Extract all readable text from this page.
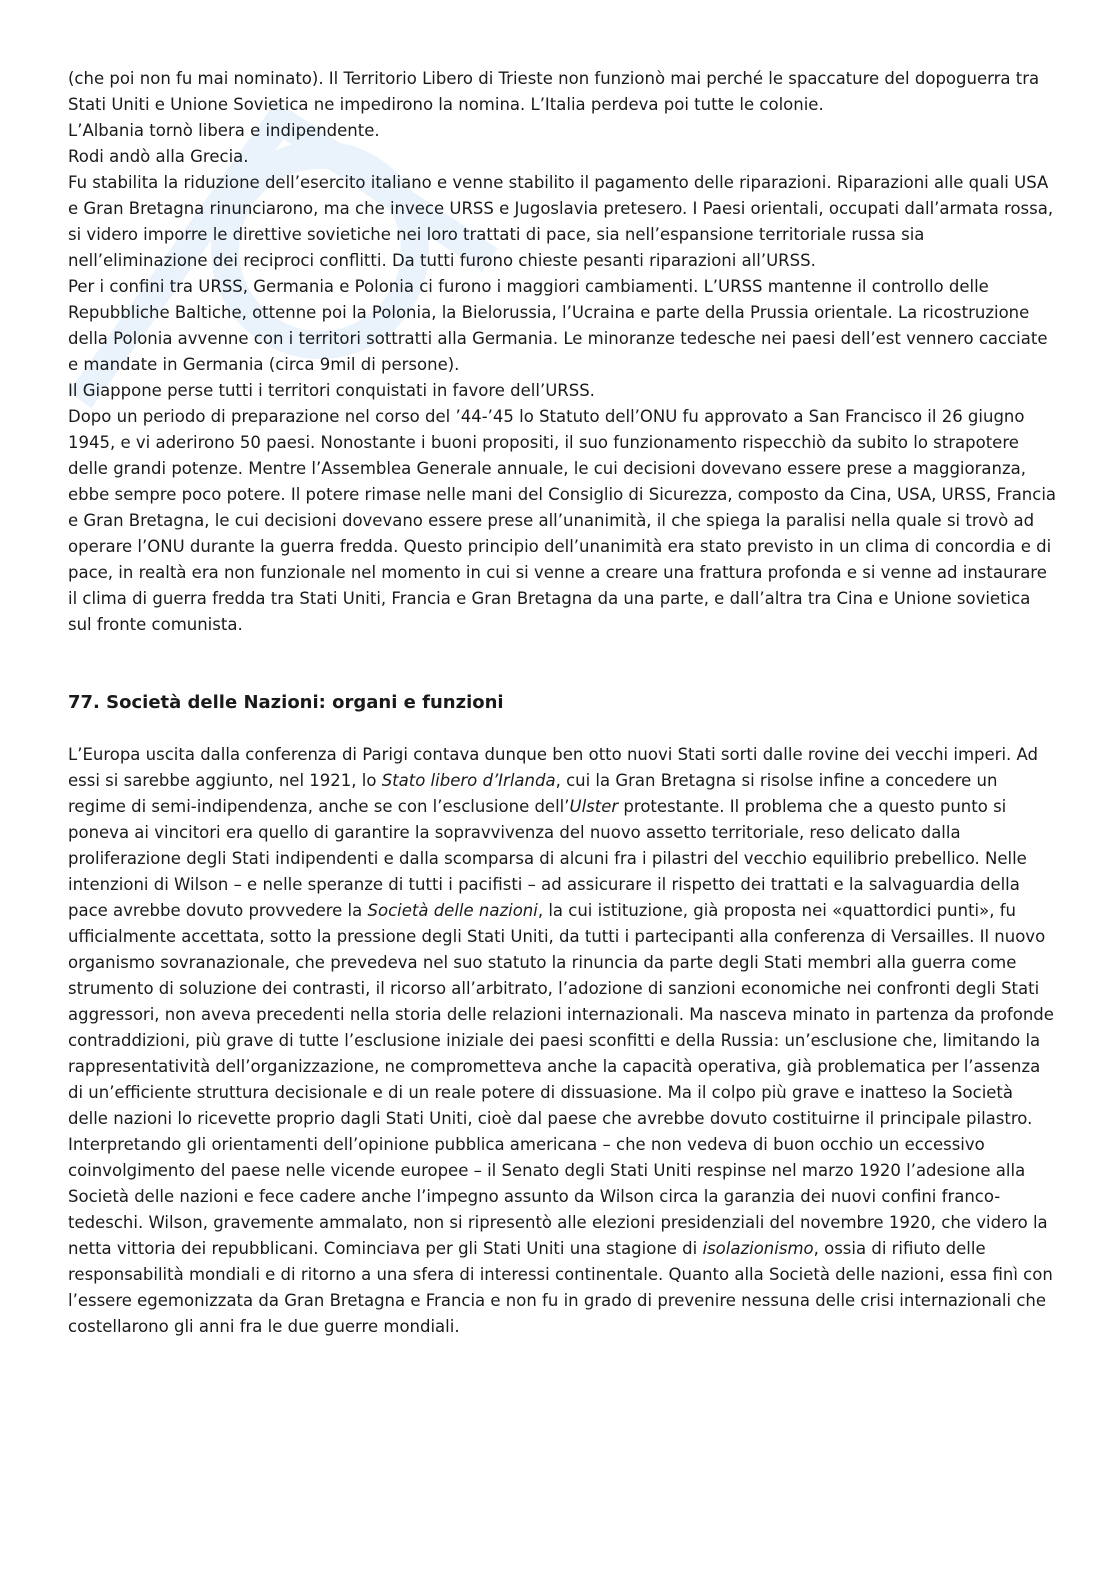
(che poi non fu mai nominato). Il Territorio Libero di Trieste non funzionò mai perché le spaccature del dopoguerra tra Stati Uniti e Unione Sovietica ne impedirono la nomina. L’Italia perdeva poi tutte le colonie.

L’Albania tornò libera e indipendente.

Rodi andò alla Grecia.

Fu stabilita la riduzione dell’esercito italiano e venne stabilito il pagamento delle riparazioni. Riparazioni alle quali USA e Gran Bretagna rinunciarono, ma che invece URSS e Jugoslavia pretesero. I Paesi orientali, occupati dall’armata rossa, si videro imporre le direttive sovietiche nei loro trattati di pace, sia nell’espansione territoriale russa sia nell’eliminazione dei reciproci conflitti. Da tutti furono chieste pesanti riparazioni all’URSS.

Per i confini tra URSS, Germania e Polonia ci furono i maggiori cambiamenti. L’URSS mantenne il controllo delle Repubbliche Baltiche, ottenne poi la Polonia, la Bielorussia, l’Ucraina e parte della Prussia orientale. La ricostruzione della Polonia avvenne con i territori sottratti alla Germania. Le minoranze tedesche nei paesi dell’est vennero cacciate e mandate in Germania (circa 9mil di persone).

Il Giappone perse tutti i territori conquistati in favore dell’URSS.

Dopo un periodo di preparazione nel corso del ’44-’45 lo Statuto dell’ONU fu approvato a San Francisco il 26 giugno 1945, e vi aderirono 50 paesi. Nonostante i buoni propositi, il suo funzionamento rispecchiò da subito lo strapotere delle grandi potenze. Mentre l’Assemblea Generale annuale, le cui decisioni dovevano essere prese a maggioranza, ebbe sempre poco potere. Il potere rimase nelle mani del Consiglio di Sicurezza, composto da Cina, USA, URSS, Francia e Gran Bretagna, le cui decisioni dovevano essere prese all’unanimità, il che spiega la paralisi nella quale si trovò ad operare l’ONU durante la guerra fredda. Questo principio dell’unanimità era stato previsto in un clima di concordia e di pace, in realtà era non funzionale nel momento in cui si venne a creare una frattura profonda e si venne ad instaurare il clima di guerra fredda tra Stati Uniti, Francia e Gran Bretagna da una parte, e dall’altra tra Cina e Unione sovietica sul fronte comunista.

77. Società delle Nazioni: organi e funzioni

L’Europa uscita dalla conferenza di Parigi contava dunque ben otto nuovi Stati sorti dalle rovine dei vecchi imperi. Ad essi si sarebbe aggiunto, nel 1921, lo Stato libero d’Irlanda, cui la Gran Bretagna si risolse infine a concedere un regime di semi-indipendenza, anche se con l’esclusione dell’Ulster protestante. Il problema che a questo punto si poneva ai vincitori era quello di garantire la sopravvivenza del nuovo assetto territoriale, reso delicato dalla proliferazione degli Stati indipendenti e dalla scomparsa di alcuni fra i pilastri del vecchio equilibrio prebellico. Nelle intenzioni di Wilson – e nelle speranze di tutti i pacifisti – ad assicurare il rispetto dei trattati e la salvaguardia della pace avrebbe dovuto provvedere la Società delle nazioni, la cui istituzione, già proposta nei «quattordici punti», fu ufficialmente accettata, sotto la pressione degli Stati Uniti, da tutti i partecipanti alla conferenza di Versailles. Il nuovo organismo sovranazionale, che prevedeva nel suo statuto la rinuncia da parte degli Stati membri alla guerra come strumento di soluzione dei contrasti, il ricorso all’arbitrato, l’adozione di sanzioni economiche nei confronti degli Stati aggressori, non aveva precedenti nella storia delle relazioni internazionali. Ma nasceva minato in partenza da profonde contraddizioni, più grave di tutte l’esclusione iniziale dei paesi sconfitti e della Russia: un’esclusione che, limitando la rappresentatività dell’organizzazione, ne comprometteva anche la capacità operativa, già problematica per l’assenza di un’efficiente struttura decisionale e di un reale potere di dissuasione. Ma il colpo più grave e inatteso la Società delle nazioni lo ricevette proprio dagli Stati Uniti, cioè dal paese che avrebbe dovuto costituirne il principale pilastro. Interpretando gli orientamenti dell’opinione pubblica americana – che non vedeva di buon occhio un eccessivo coinvolgimento del paese nelle vicende europee – il Senato degli Stati Uniti respinse nel marzo 1920 l’adesione alla Società delle nazioni e fece cadere anche l’impegno assunto da Wilson circa la garanzia dei nuovi confini franco-tedeschi. Wilson, gravemente ammalato, non si ripresentò alle elezioni presidenziali del novembre 1920, che videro la netta vittoria dei repubblicani. Cominciava per gli Stati Uniti una stagione di isolazionismo, ossia di rifiuto delle responsabilità mondiali e di ritorno a una sfera di interessi continentale. Quanto alla Società delle nazioni, essa finì con l’essere egemonizzata da Gran Bretagna e Francia e non fu in grado di prevenire nessuna delle crisi internazionali che costellarono gli anni fra le due guerre mondiali.
